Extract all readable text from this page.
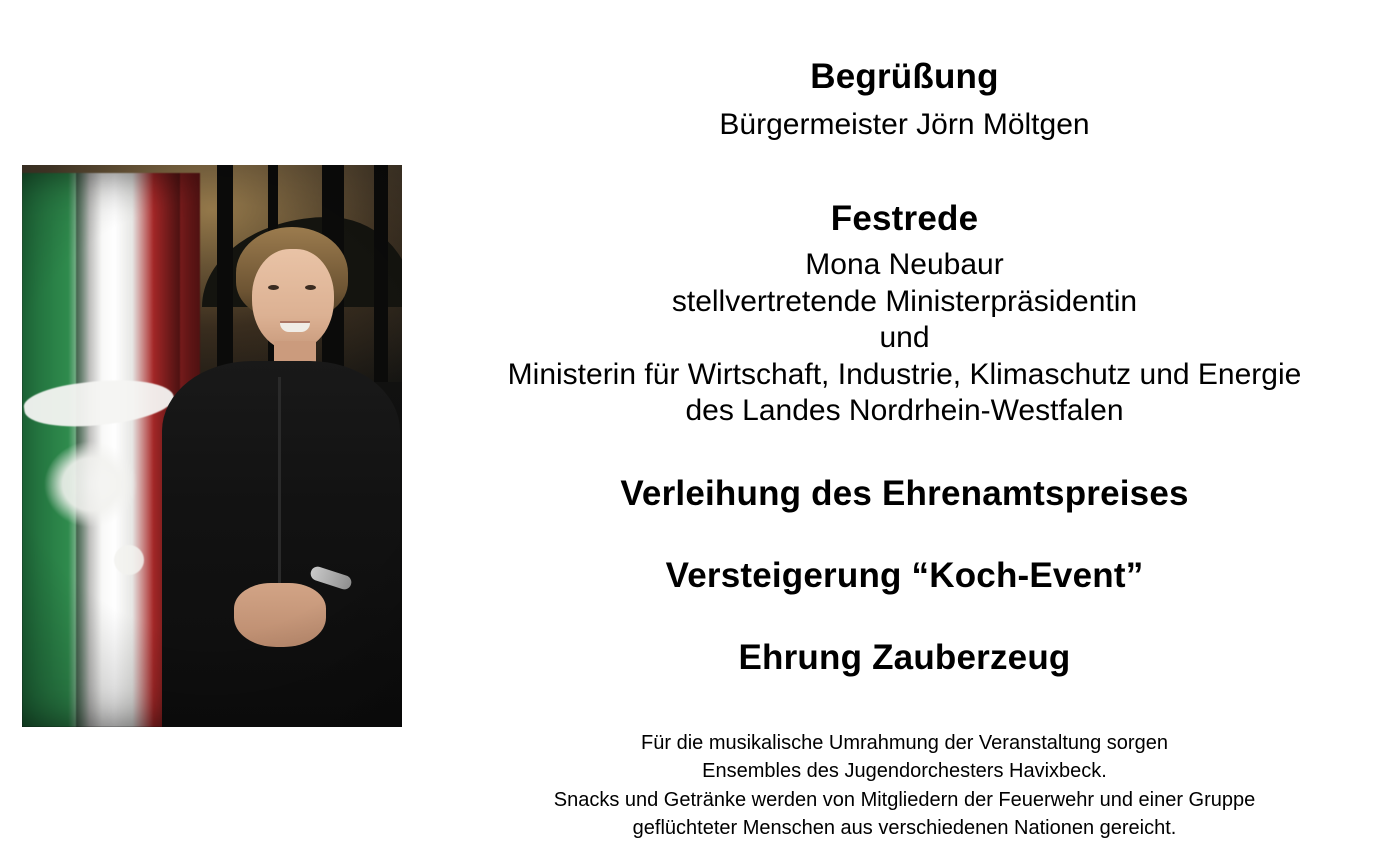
Begrüßung
Bürgermeister Jörn Möltgen
Festrede
Mona Neubaur
stellvertretende Ministerpräsidentin
und
Ministerin für Wirtschaft, Industrie, Klimaschutz und Energie
des Landes Nordrhein-Westfalen
Verleihung des Ehrenamtspreises
Versteigerung “Koch-Event”
Ehrung Zauberzeug
Für die musikalische Umrahmung der Veranstaltung sorgen
Ensembles des Jugendorchesters Havixbeck.
Snacks und Getränke werden von Mitgliedern der Feuerwehr und einer Gruppe
geflüchteter Menschen aus verschiedenen Nationen gereicht.
